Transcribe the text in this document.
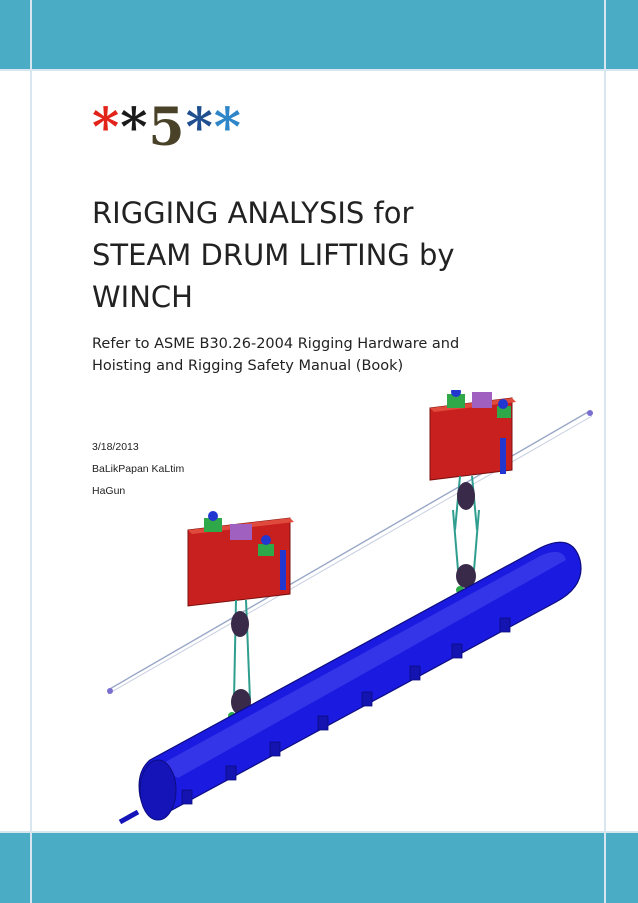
**5**
RIGGING ANALYSIS for
STEAM DRUM LIFTING by
WINCH
Refer to ASME B30.26-2004 Rigging Hardware and
Hoisting and Rigging Safety Manual (Book)
3/18/2013
BaLikPapan KaLtim
HaGun
